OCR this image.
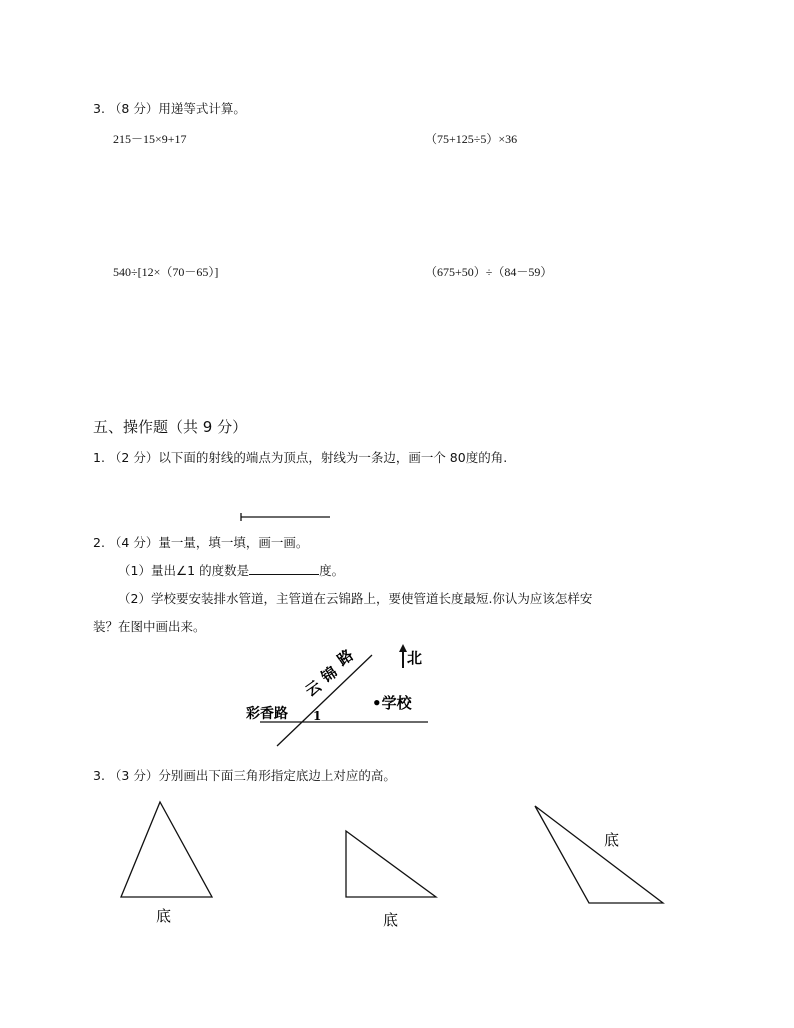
3. （8 分）用递等式计算。
215－15×9+17	（75+125÷5）×36
540÷[12×（70－65）]	（675+50）÷（84－59）
五、操作题（共 9 分）
1. （2 分）以下面的射线的端点为顶点，射线为一条边，画一个 80度的角.
2. （4 分）量一量，填一填，画一画。
（1）量出∠1 的度数是	度。
（2）学校要安装排水管道，主管道在云锦路上，要使管道长度最短.你认为应该怎样安
装？在图中画出来。
3. （3 分）分别画出下面三角形指定底边上对应的高。
路
锦
云
北
•学校
彩香路 1
底	底
底
